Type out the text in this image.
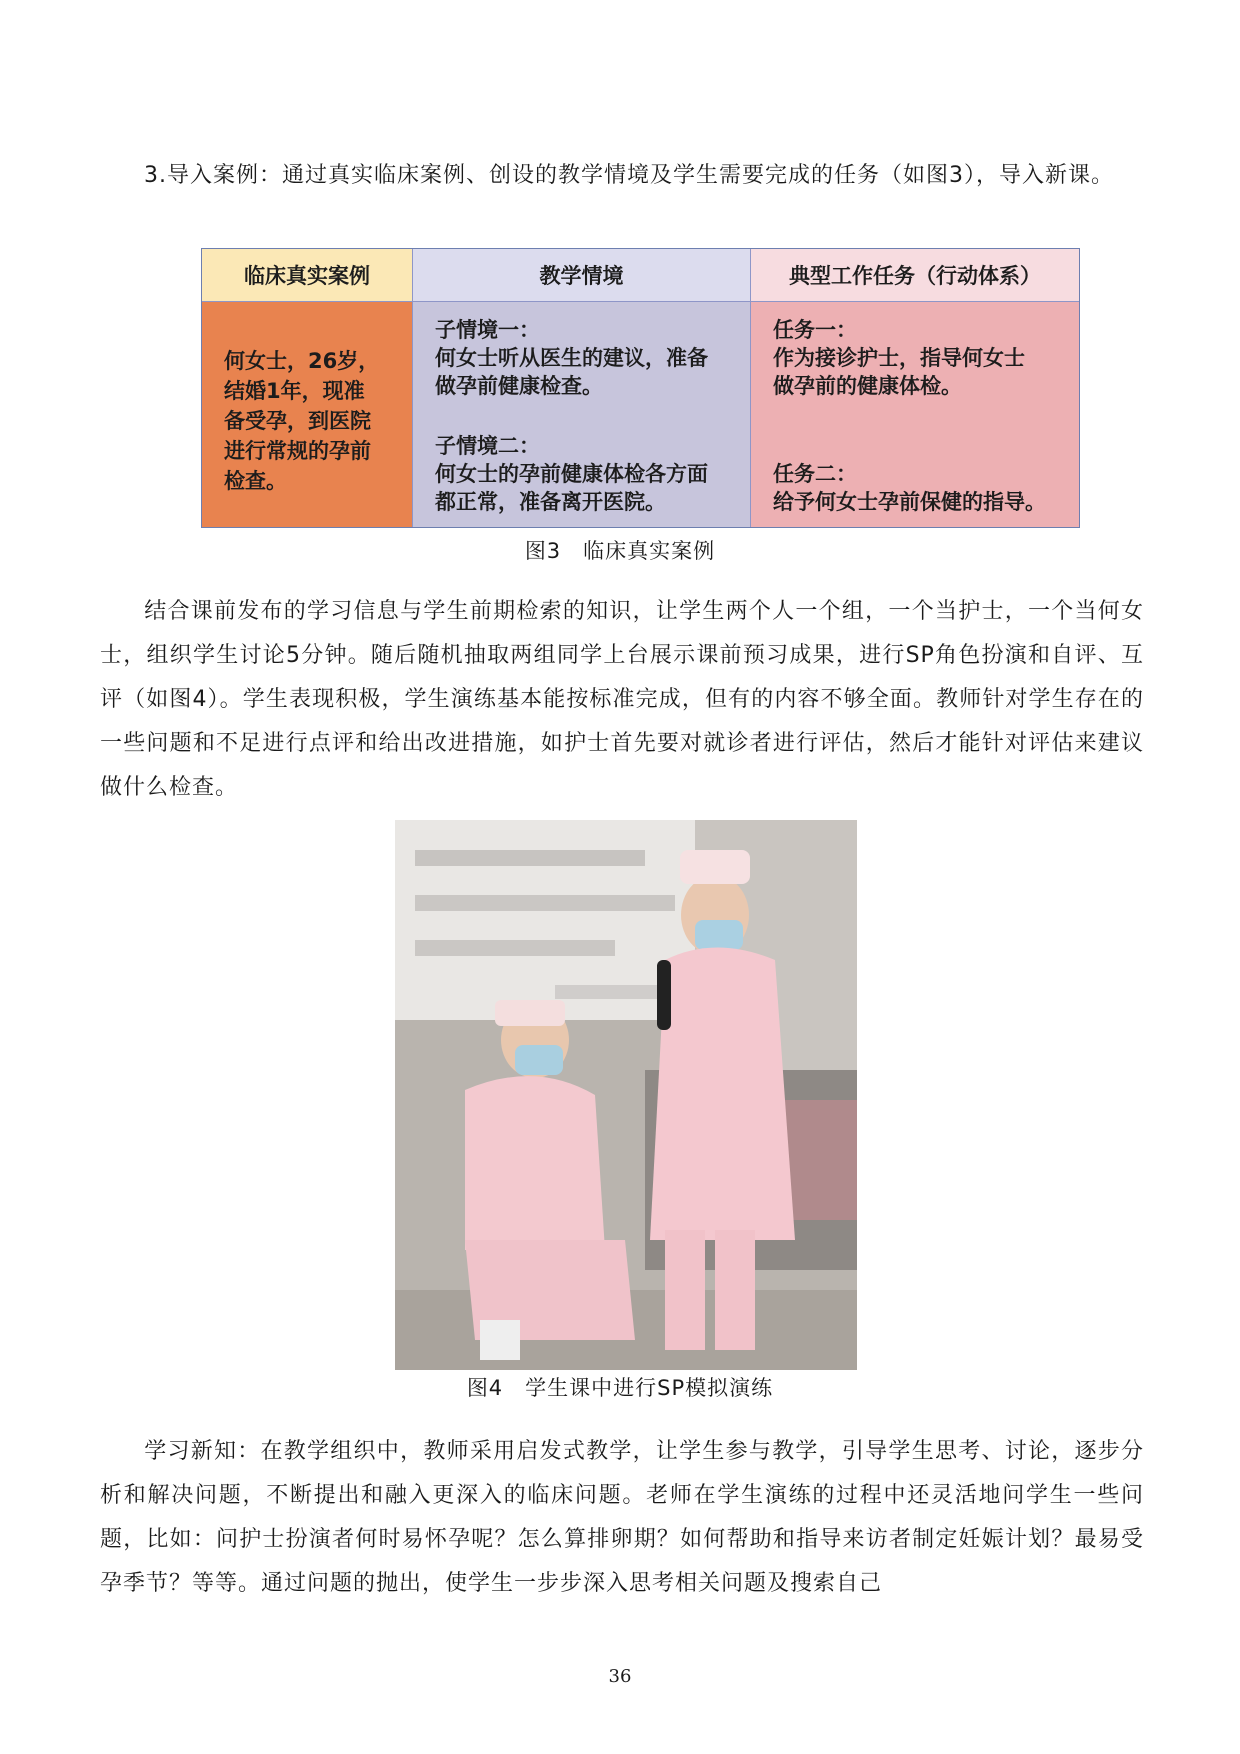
3.导入案例：通过真实临床案例、创设的教学情境及学生需要完成的任务（如图3），导入新课。
临床真实案例	教学情境	典型工作任务（行动体系）
何女士，26岁，
结婚1年，现准
备受孕，到医院
进行常规的孕前
检查。
子情境一：
何女士听从医生的建议，准备
做孕前健康检查。
子情境二：
何女士的孕前健康体检各方面
都正常，准备离开医院。
任务一：
作为接诊护士，指导何女士
做孕前的健康体检。
任务二：
给予何女士孕前保健的指导。
图3　临床真实案例
结合课前发布的学习信息与学生前期检索的知识，让学生两个人一个组，一个当护士，一个当何女士，组织学生讨论5分钟。随后随机抽取两组同学上台展示课前预习成果，进行SP角色扮演和自评、互评（如图4）。学生表现积极，学生演练基本能按标准完成，但有的内容不够全面。教师针对学生存在的一些问题和不足进行点评和给出改进措施，如护士首先要对就诊者进行评估，然后才能针对评估来建议做什么检查。
图4　学生课中进行SP模拟演练
学习新知：在教学组织中，教师采用启发式教学，让学生参与教学，引导学生思考、讨论，逐步分析和解决问题，不断提出和融入更深入的临床问题。老师在学生演练的过程中还灵活地问学生一些问题，比如：问护士扮演者何时易怀孕呢？怎么算排卵期？如何帮助和指导来访者制定妊娠计划？最易受孕季节？等等。通过问题的抛出，使学生一步步深入思考相关问题及搜索自己
36
